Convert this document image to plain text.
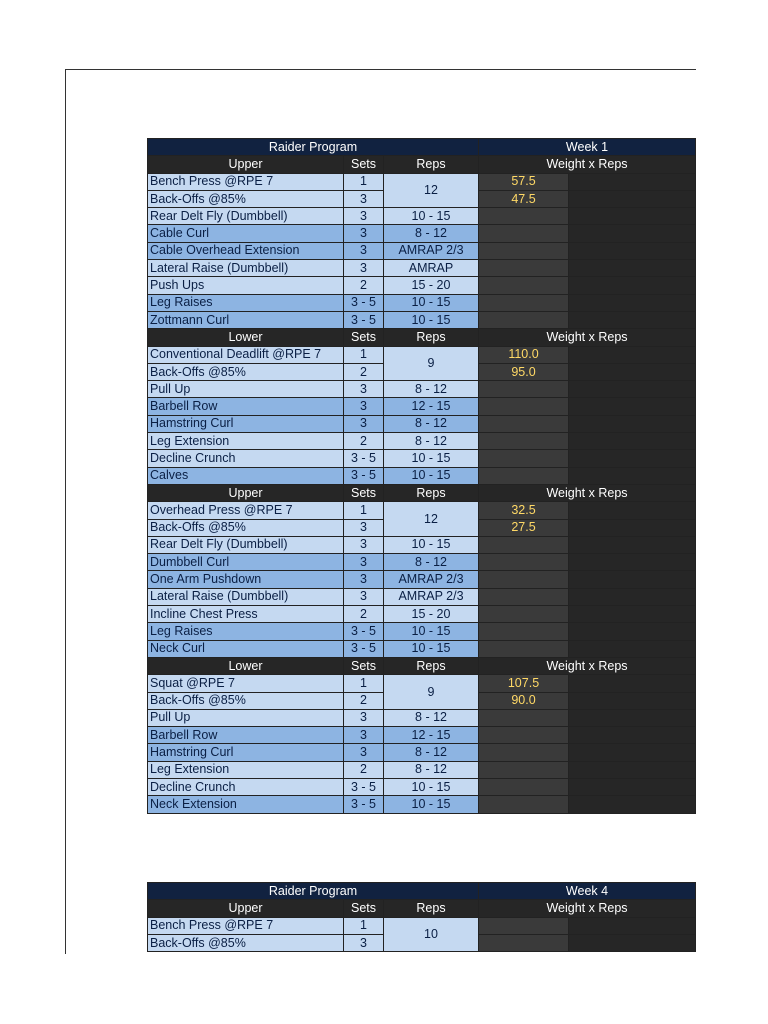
Raider Program			Week 1	
Upper	Sets	Reps	Weight x Reps	
Bench Press @RPE 7	1	12	57.5	
Back-Offs @85%	3		47.5	
Rear Delt Fly (Dumbbell)	3	10 - 15		
Cable Curl	3	8 - 12		
Cable Overhead Extension	3	AMRAP 2/3		
Lateral Raise (Dumbbell)	3	AMRAP		
Push Ups	2	15 - 20		
Leg Raises	3 - 5	10 - 15		
Zottmann Curl	3 - 5	10 - 15		
Lower	Sets	Reps	Weight x Reps	
Conventional Deadlift @RPE 7	1	9	110.0	
Back-Offs @85%	2		95.0	
Pull Up	3	8 - 12		
Barbell Row	3	12 - 15		
Hamstring Curl	3	8 - 12		
Leg Extension	2	8 - 12		
Decline Crunch	3 - 5	10 - 15		
Calves	3 - 5	10 - 15		
Upper	Sets	Reps	Weight x Reps	
Overhead Press @RPE 7	1	12	32.5	
Back-Offs @85%	3		27.5	
Rear Delt Fly (Dumbbell)	3	10 - 15		
Dumbbell Curl	3	8 - 12		
One Arm Pushdown	3	AMRAP 2/3		
Lateral Raise (Dumbbell)	3	AMRAP 2/3		
Incline Chest Press	2	15 - 20		
Leg Raises	3 - 5	10 - 15		
Neck Curl	3 - 5	10 - 15		
Lower	Sets	Reps	Weight x Reps	
Squat @RPE 7	1	9	107.5	
Back-Offs @85%	2		90.0	
Pull Up	3	8 - 12		
Barbell Row	3	12 - 15		
Hamstring Curl	3	8 - 12		
Leg Extension	2	8 - 12		
Decline Crunch	3 - 5	10 - 15		
Neck Extension	3 - 5	10 - 15		
Raider Program			Week 4	
Upper	Sets	Reps	Weight x Reps	
Bench Press @RPE 7	1	10		
Back-Offs @85%	3			
